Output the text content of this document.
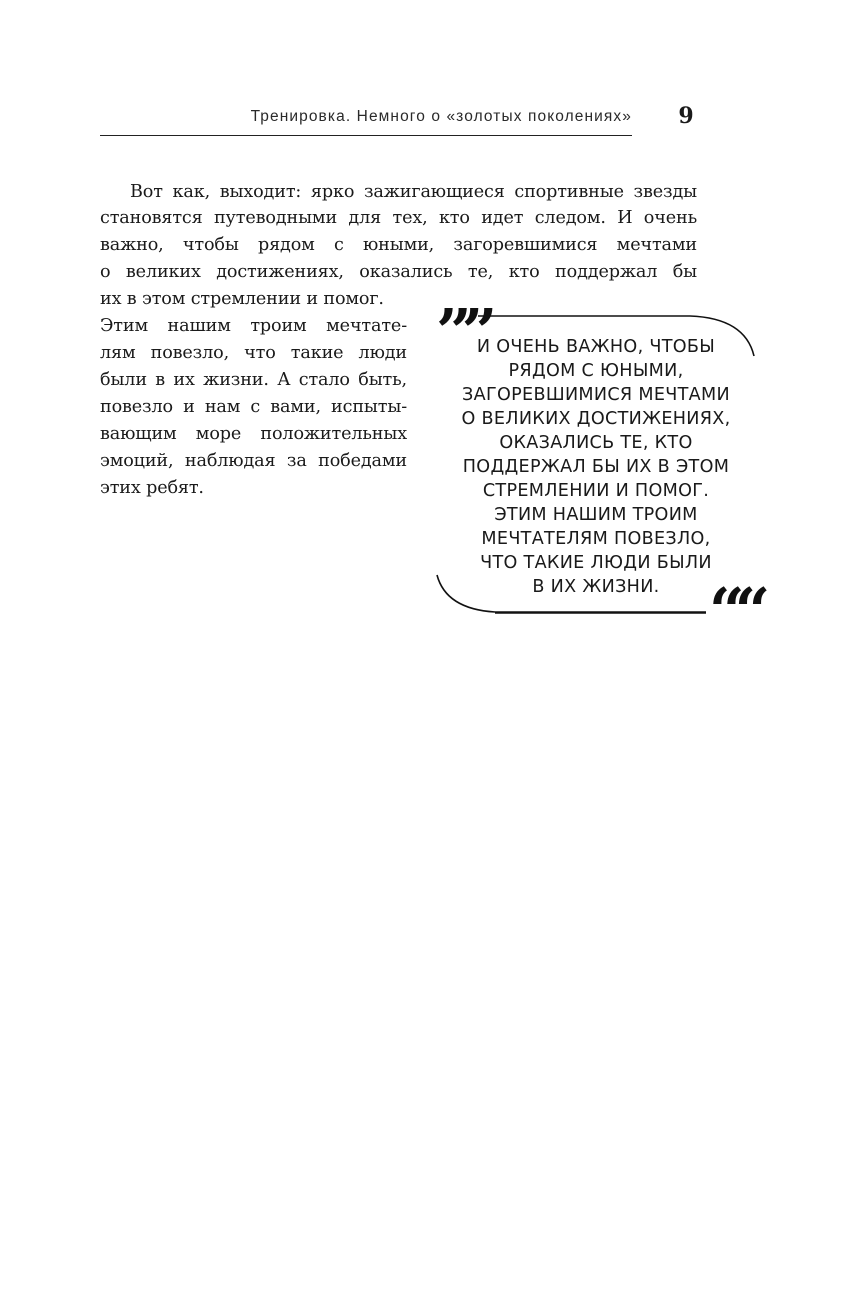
Тренировка. Немного о «золотых поколениях»	9
Вот как, выходит: ярко зажигающиеся спортивные звезды
становятся путеводными для тех, кто идет следом. И очень
важно, чтобы рядом с юными, загоревшимися мечтами
о великих достижениях, оказались те, кто поддержал бы
их в этом стремлении и помог.
Этим нашим троим мечтате-
лям повезло, что такие люди
были в их жизни. А стало быть,
повезло и нам с вами, испыты-
вающим море положительных
эмоций, наблюдая за победами
этих ребят.
””
““
И ОЧЕНЬ ВАЖНО, ЧТОБЫ
РЯДОМ С ЮНЫМИ,
ЗАГОРЕВШИМИСЯ МЕЧТАМИ
О ВЕЛИКИХ ДОСТИЖЕНИЯХ,
ОКАЗАЛИСЬ ТЕ, КТО
ПОДДЕРЖАЛ БЫ ИХ В ЭТОМ
СТРЕМЛЕНИИ И ПОМОГ.
ЭТИМ НАШИМ ТРОИМ
МЕЧТАТЕЛЯМ ПОВЕЗЛО,
ЧТО ТАКИЕ ЛЮДИ БЫЛИ
В ИХ ЖИЗНИ.
